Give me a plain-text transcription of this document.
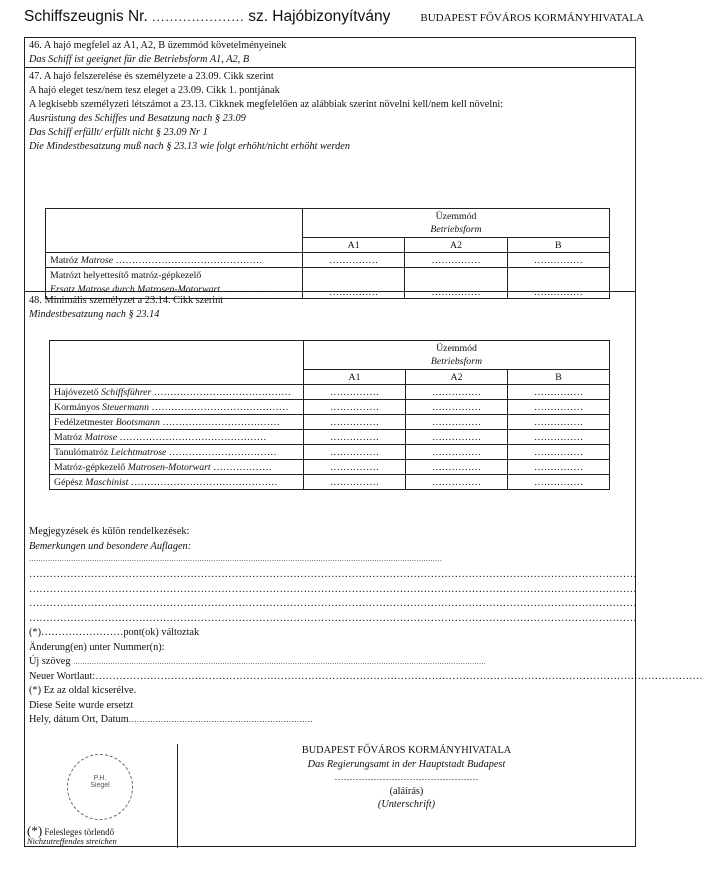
Schiffszeugnis Nr. ………………… sz. Hajóbizonyítvány	BUDAPEST FŐVÁROS KORMÁNYHIVATALA
46. A hajó megfelel az A1, A2, B üzemmód követelményeinek
Das Schiff ist geeignet für die Betriebsform A1, A2, B
47. A hajó felszerelése és személyzete a 23.09. Cikk szerint
A hajó eleget tesz/nem tesz eleget a 23.09. Cikk 1. pontjának
A legkisebb személyzeti létszámot a 23.13. Cikknek megfelelően az alábbiak szerint növelni kell/nem kell növelni:
Ausrüstung des Schiffes und Besatzung nach § 23.09
Das Schiff erfüllt/ erfüllt nicht § 23.09 Nr 1
Die Mindestbesatzung muß nach § 23.13 wie folgt erhöht/nicht erhöht werden
	Üzemmód
Betriebsform		
	A1	A2	B
Matróz Matrose ………………………………………	……………	……………	……………
Matrózt helyettesítő matróz-gépkezelő
Ersatz Matrose durch Matrosen-Motorwart ……………	……………	……………	……………
48. Minimális személyzet a 23.14. Cikk szerint
Mindestbesatzung nach § 23.14
	Üzemmód
Betriebsform		
	A1	A2	B
Hajóvezető Schiffsführer ……………………………………	……………	……………	……………
Kormányos Steuermann ……………………………………	……………	……………	……………
Fedélzetmester Bootsmann ………………………………	……………	……………	……………
Matróz Matrose ………………………………………	……………	……………	……………
Tanulómatróz Leichtmatrose ……………………………	……………	……………	……………
Matróz-gépkezelő Matrosen-Motorwart ………………	……………	……………	……………
Gépész Maschinist ………………………………………	……………	……………	……………
Megjegyzések és külön rendelkezések:
Bemerkungen und besondere Auflagen:
……………………………………………………………………………………………………………………………………………………………
……………………………………………………………………………………………………………………………………………………………
……………………………………………………………………………………………………………………………………………………………
……………………………………………………………………………………………………………………………………………………………
……………………………………………………………………………………………………………………………………………………………
(*)……………………pont(ok) változtak
Änderung(en) unter Nummer(n):
Új szöveg ……………………………………………………………………………………………………………………………………………………………
Neuer Wortlaut:……………………………………………………………………………………………………………………………………………………………
(*) Ez az oldal kicserélve.
Diese Seite wurde ersetzt
Hely, dátum Ort, Datum……………………………………………………………
P.H.
Siegel
(*) Felesleges törlendő
Nichzutreffendes streichen
BUDAPEST FŐVÁROS KORMÁNYHIVATALA
Das Regierungsamt in der Hauptstadt Budapest
…………………………………………
(aláírás)
(Unterschrift)
